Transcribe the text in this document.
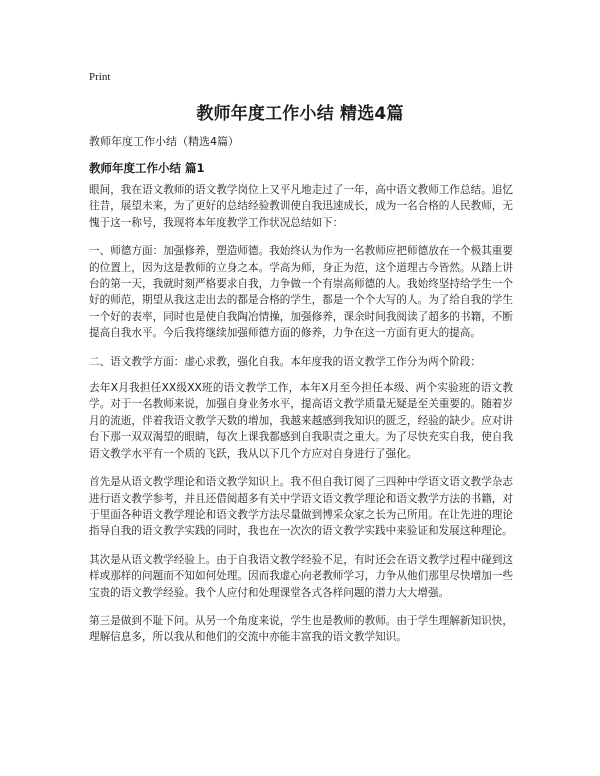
Print
教师年度工作小结 精选4篇
教师年度工作小结（精选4篇）
教师年度工作小结 篇1

眼间，我在语文教师的语文教学岗位上又平凡地走过了一年，高中语文教师工作总结。追忆往昔，展望未来，为了更好的总结经验教训使自我迅速成长，成为一名合格的人民教师，无愧于这一称号，我现将本年度教学工作状况总结如下：

一、师德方面：加强修养，塑造师德。我始终认为作为一名教师应把师德放在一个极其重要的位置上，因为这是教师的立身之本。学高为师，身正为范，这个道理古今皆然。从踏上讲台的第一天，我就时刻严格要求自我，力争做一个有崇高师德的人。我始终坚持给学生一个好的师范，期望从我这走出去的都是合格的学生，都是一个个大写的人。为了给自我的学生一个好的表率，同时也是使自我陶冶情操，加强修养，课余时间我阅读了超多的书籍，不断提高自我水平。今后我将继续加强师德方面的修养，力争在这一方面有更大的提高。

二、语文教学方面：虚心求教，强化自我。本年度我的语文教学工作分为两个阶段：

去年X月我担任XX级XX班的语文教学工作，本年X月至今担任本级、两个实验班的语文教学。对于一名教师来说，加强自身业务水平，提高语文教学质量无疑是至关重要的。随着岁月的流逝，伴着我语文教学天数的增加，我越来越感到我知识的匮乏，经验的缺少。应对讲台下那一双双渴望的眼睛，每次上课我都感到自我职责之重大。为了尽快充实自我，使自我语文教学水平有一个质的飞跃，我从以下几个方应对自身进行了强化。

首先是从语文教学理论和语文教学知识上。我不但自我订阅了三四种中学语文语文教学杂志进行语文教学参考，并且还借阅超多有关中学语文语文教学理论和语文教学方法的书籍，对于里面各种语文教学理论和语文教学方法尽量做到博采众家之长为己所用。在让先进的理论指导自我的语文教学实践的同时，我也在一次次的语文教学实践中来验证和发展这种理论。

其次是从语文教学经验上。由于自我语文教学经验不足，有时还会在语文教学过程中碰到这样或那样的问题而不知如何处理。因而我虚心向老教师学习，力争从他们那里尽快增加一些宝贵的语文教学经验。我个人应付和处理课堂各式各样问题的潜力大大增强。

第三是做到不耻下问。从另一个角度来说，学生也是教师的教师。由于学生理解新知识快，理解信息多，所以我从和他们的交流中亦能丰富我的语文教学知识。
